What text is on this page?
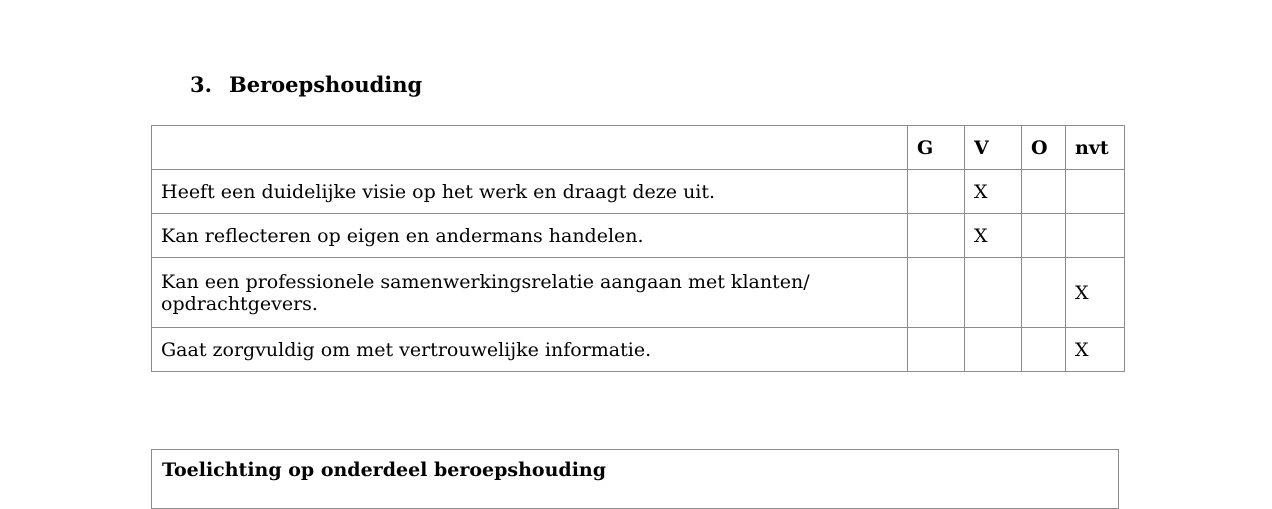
3. Beroepshouding
	G	V	O	nvt
Heeft een duidelijke visie op het werk en draagt deze uit.		X		
Kan reflecteren op eigen en andermans handelen.		X		
Kan een professionele samenwerkingsrelatie aangaan met klanten/ opdrachtgevers.				X
Gaat zorgvuldig om met vertrouwelijke informatie.				X
Toelichting op onderdeel beroepshouding
